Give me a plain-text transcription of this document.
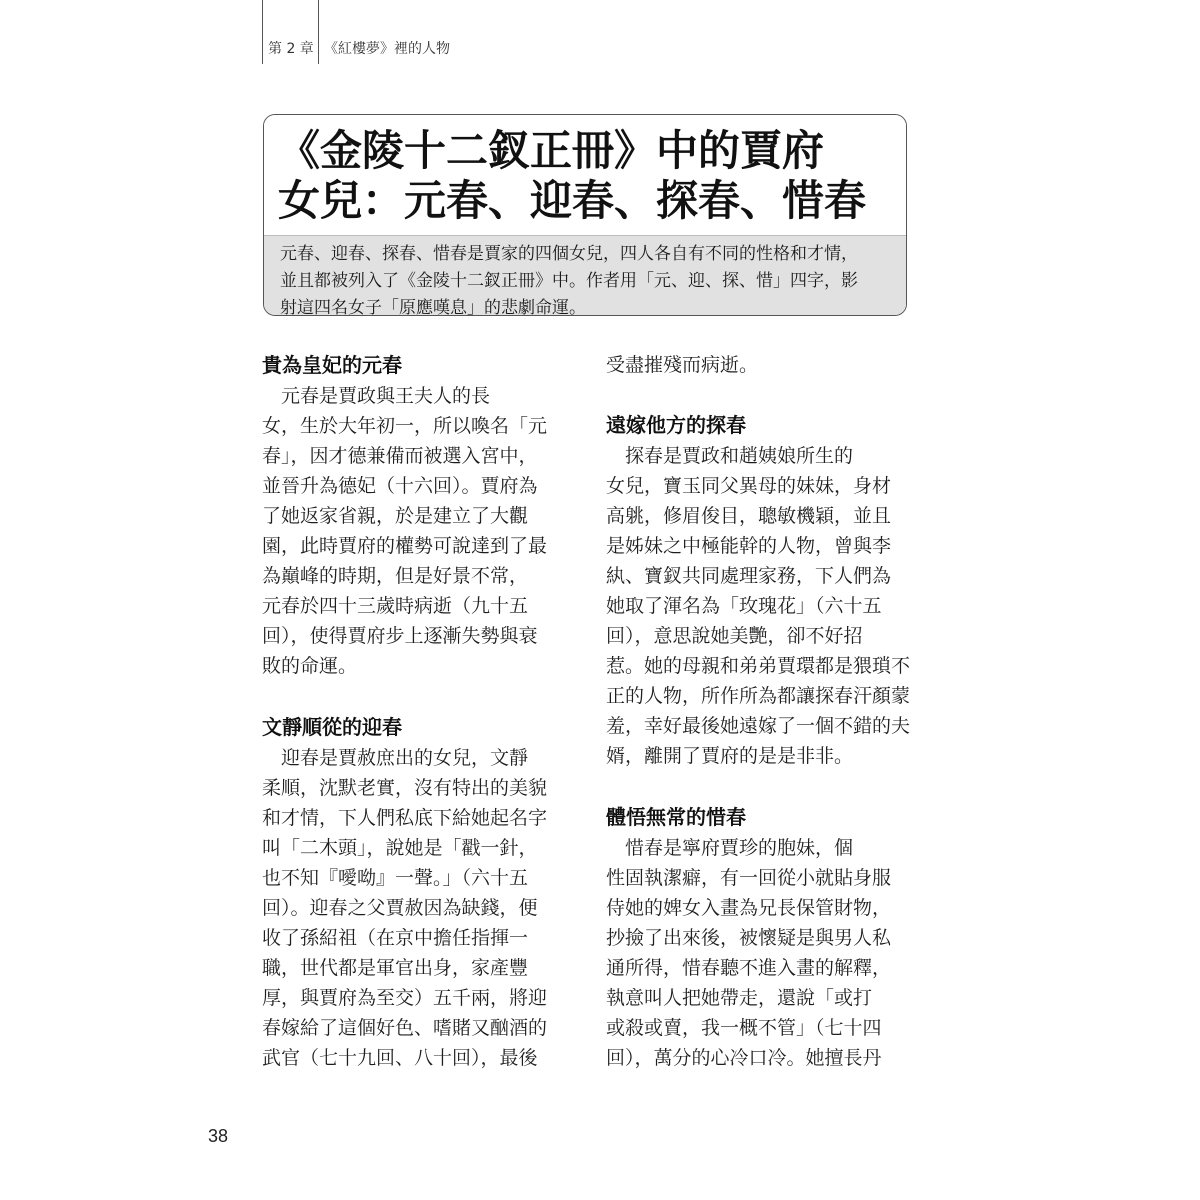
第 2 章 《紅樓夢》裡的人物
《金陵十二釵正冊》中的賈府
女兒：元春、迎春、探春、惜春

元春、迎春、探春、惜春是賈家的四個女兒，四人各自有不同的性格和才情，

並且都被列入了《金陵十二釵正冊》中。作者用「元、迎、探、惜」四字，影

射這四名女子「原應嘆息」的悲劇命運。

貴為皇妃的元春
　元春是賈政與王夫人的長
女，生於大年初一，所以喚名「元
春」，因才德兼備而被選入宮中，
並晉升為德妃（十六回）。賈府為
了她返家省親，於是建立了大觀
園，此時賈府的權勢可說達到了最
為巔峰的時期，但是好景不常，
元春於四十三歲時病逝（九十五
回），使得賈府步上逐漸失勢與衰
敗的命運。
文靜順從的迎春
　迎春是賈赦庶出的女兒，文靜
柔順，沈默老實，沒有特出的美貌
和才情，下人們私底下給她起名字
叫「二木頭」，說她是「戳一針，
也不知『噯呦』一聲。」（六十五
回）。迎春之父賈赦因為缺錢，便
收了孫紹祖（在京中擔任指揮一
職，世代都是軍官出身，家產豐
厚，與賈府為至交）五千兩，將迎
春嫁給了這個好色、嗜賭又酗酒的
武官（七十九回、八十回），最後
受盡摧殘而病逝。
遠嫁他方的探春
　探春是賈政和趙姨娘所生的
女兒，寶玉同父異母的妹妹，身材
高䠷，修眉俊目，聰敏機穎，並且
是姊妹之中極能幹的人物，曾與李
紈、寶釵共同處理家務，下人們為
她取了渾名為「玫瑰花」（六十五
回），意思說她美艷，卻不好招
惹。她的母親和弟弟賈環都是猥瑣不
正的人物，所作所為都讓探春汗顏蒙
羞，幸好最後她遠嫁了一個不錯的夫
婿，離開了賈府的是是非非。
體悟無常的惜春
　惜春是寧府賈珍的胞妹，個
性固執潔癖，有一回從小就貼身服
侍她的婢女入畫為兄長保管財物，
抄撿了出來後，被懷疑是與男人私
通所得，惜春聽不進入畫的解釋，
執意叫人把她帶走，還說「或打
或殺或賣，我一概不管」（七十四
回），萬分的心冷口冷。她擅長丹
38
